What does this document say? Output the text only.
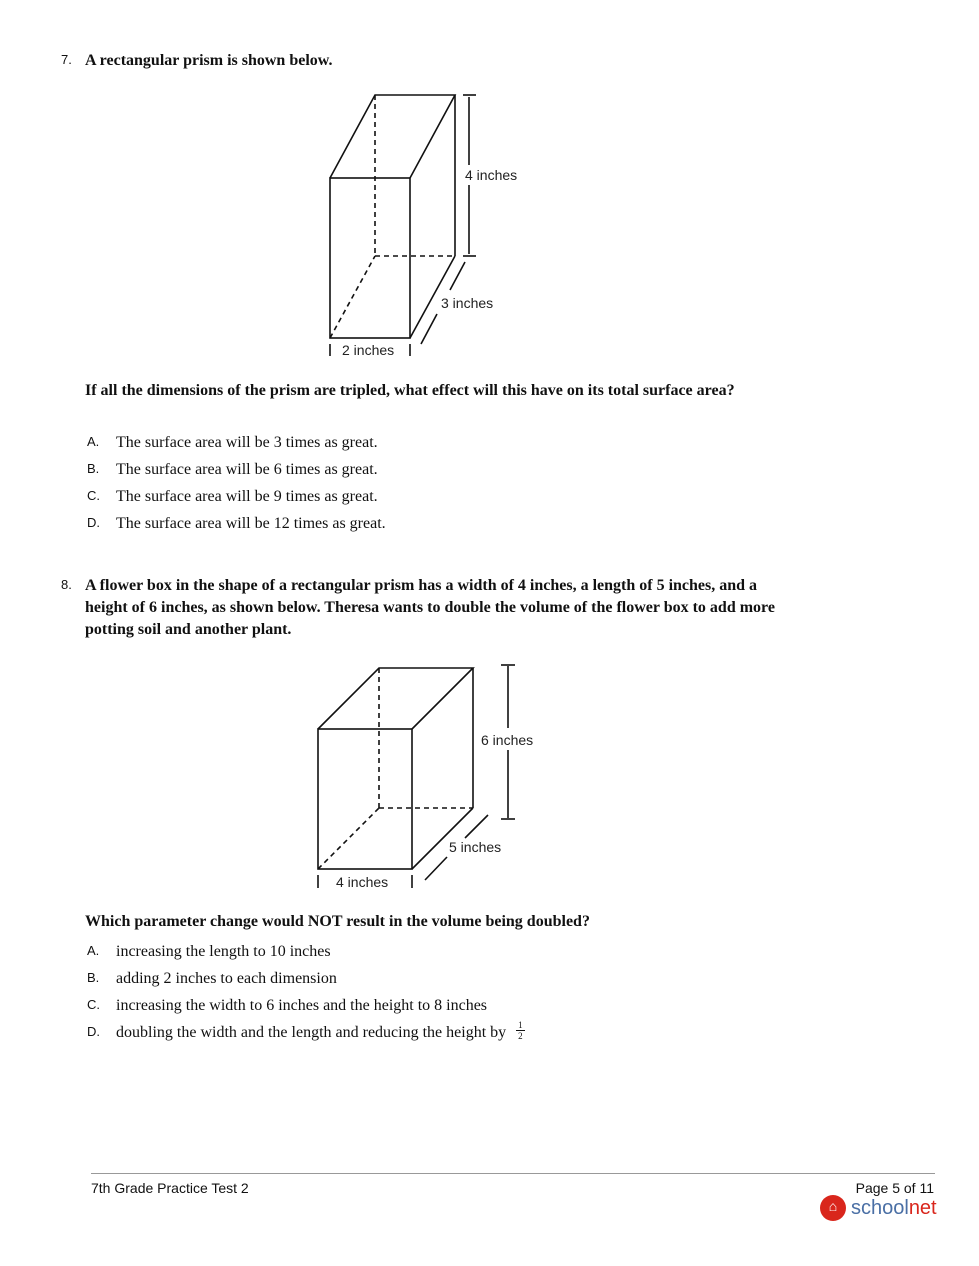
7. A rectangular prism is shown below.
4 inches
3 inches
2 inches
If all the dimensions of the prism are tripled, what effect will this have on its total surface area?
A.	The surface area will be 3 times as great.
B.	The surface area will be 6 times as great.
C.	The surface area will be 9 times as great.
D.	The surface area will be 12 times as great.
8. A flower box in the shape of a rectangular prism has a width of 4 inches, a length of 5 inches, and a height of 6 inches, as shown below. Theresa wants to double the volume of the flower box to add more potting soil and another plant.
6 inches
5 inches
4 inches
Which parameter change would NOT result in the volume being doubled?
A.	increasing the length to 10 inches
B.	adding 2 inches to each dimension
C.	increasing the width to 6 inches and the height to 8 inches
D.	doubling the width and the length and reducing the height by $\frac{1}{2}$
7th Grade Practice Test 2	Page 5 of 11
⌂ schoolnet
